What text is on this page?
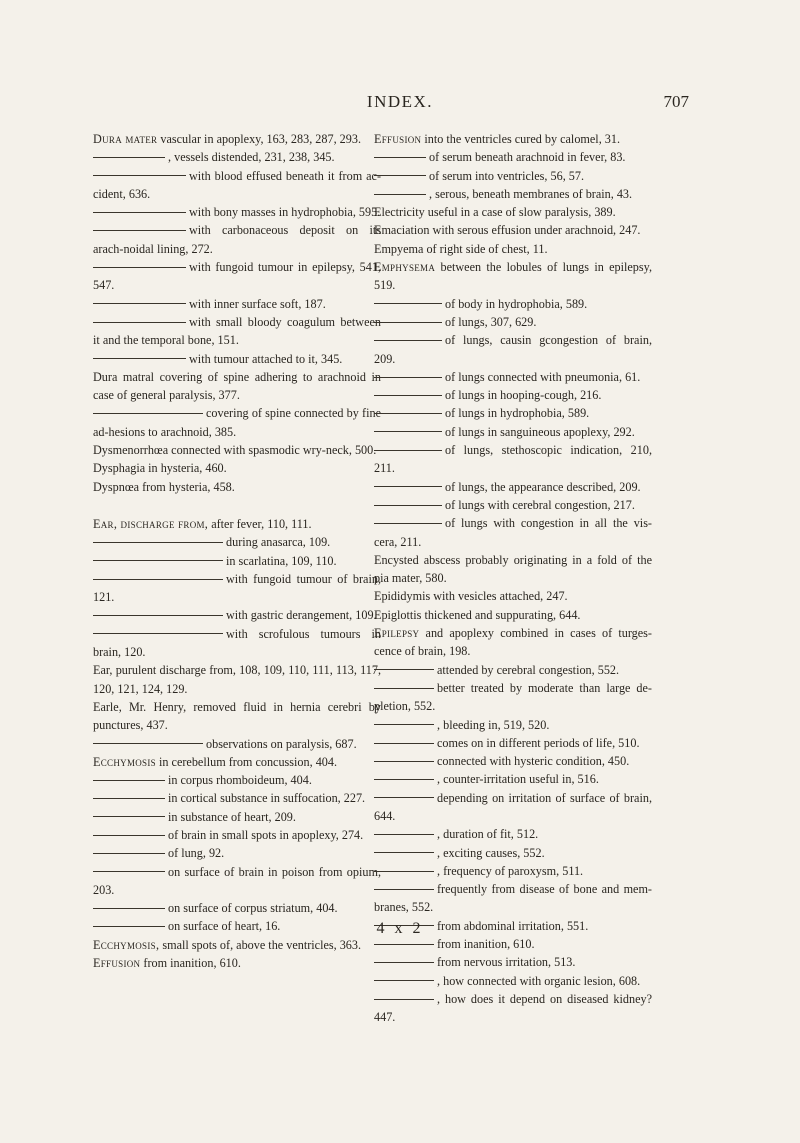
INDEX.	707

Dura mater vascular in apoplexy, 163, 283, 287, 293.

, vessels distended, 231, 238, 345.

with blood effused beneath it from ac-cident, 636.

with bony masses in hydrophobia, 595.

with carbonaceous deposit on its arach-noidal lining, 272.

with fungoid tumour in epilepsy, 541, 547.

with inner surface soft, 187.

with small bloody coagulum between it and the temporal bone, 151.

with tumour attached to it, 345.

Dura matral covering of spine adhering to arachnoid in case of general paralysis, 377.

covering of spine connected by fine ad-hesions to arachnoid, 385.

Dysmenorrhœa connected with spasmodic wry-neck, 500.

Dysphagia in hysteria, 460.

Dyspnœa from hysteria, 458.

Ear, discharge from, after fever, 110, 111.

during anasarca, 109.

in scarlatina, 109, 110.

with fungoid tumour of brain, 121.

with gastric derangement, 109.

with scrofulous tumours in brain, 120.

Ear, purulent discharge from, 108, 109, 110, 111, 113, 117, 120, 121, 124, 129.

Earle, Mr. Henry, removed fluid in hernia cerebri by punctures, 437.

observations on paralysis, 687.

Ecchymosis in cerebellum from concussion, 404.

in corpus rhomboideum, 404.

in cortical substance in suffocation, 227.

in substance of heart, 209.

of brain in small spots in apoplexy, 274.

of lung, 92.

on surface of brain in poison from opium, 203.

on surface of corpus striatum, 404.

on surface of heart, 16.

Ecchymosis, small spots of, above the ventricles, 363.

Effusion from inanition, 610.

Effusion into the ventricles cured by calomel, 31.

of serum beneath arachnoid in fever, 83.

of serum into ventricles, 56, 57.

, serous, beneath membranes of brain, 43.

Electricity useful in a case of slow paralysis, 389.

Emaciation with serous effusion under arachnoid, 247.

Empyema of right side of chest, 11.

Emphysema between the lobules of lungs in epilepsy, 519.

of body in hydrophobia, 589.

of lungs, 307, 629.

of lungs, causin gcongestion of brain, 209.

of lungs connected with pneumonia, 61.

of lungs in hooping-cough, 216.

of lungs in hydrophobia, 589.

of lungs in sanguineous apoplexy, 292.

of lungs, stethoscopic indication, 210, 211.

of lungs, the appearance described, 209.

of lungs with cerebral congestion, 217.

of lungs with congestion in all the vis-cera, 211.

Encysted abscess probably originating in a fold of the pia mater, 580.

Epididymis with vesicles attached, 247.

Epiglottis thickened and suppurating, 644.

Epilepsy and apoplexy combined in cases of turges-cence of brain, 198.

attended by cerebral congestion, 552.

better treated by moderate than large de-pletion, 552.

, bleeding in, 519, 520.

comes on in different periods of life, 510.

connected with hysteric condition, 450.

, counter-irritation useful in, 516.

depending on irritation of surface of brain, 644.

, duration of fit, 512.

, exciting causes, 552.

, frequency of paroxysm, 511.

frequently from disease of bone and mem-branes, 552.

from abdominal irritation, 551.

from inanition, 610.

from nervous irritation, 513.

, how connected with organic lesion, 608.

, how does it depend on diseased kidney? 447.

4 x 2
